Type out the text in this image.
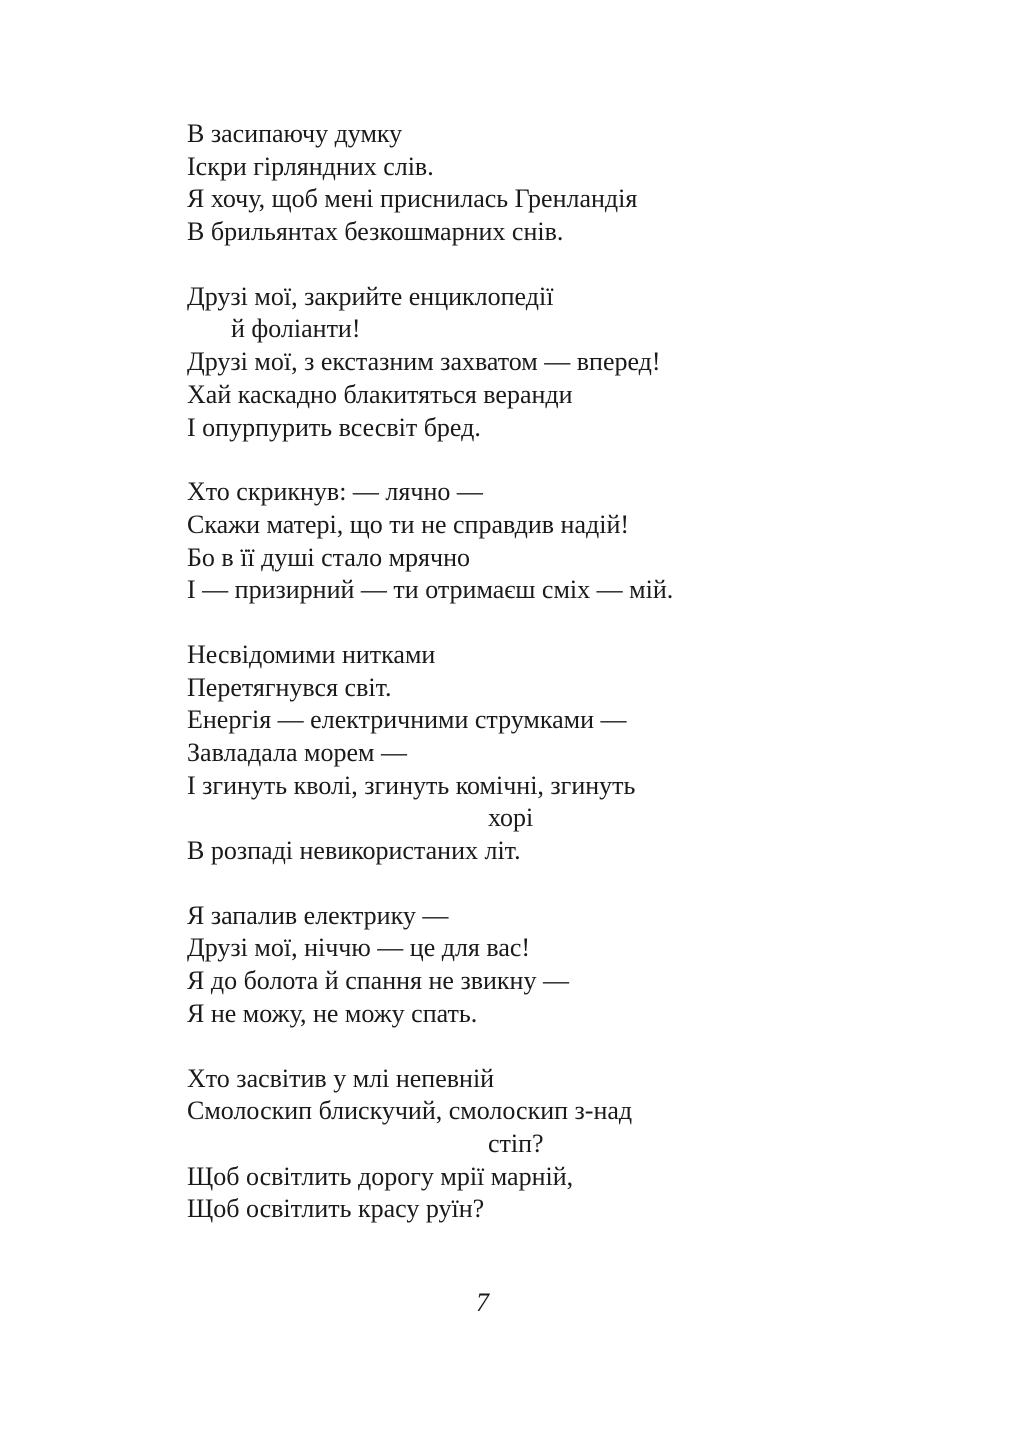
В засипаючу думку
Іскри гірляндних слів.
Я хочу, щоб мені приснилась Гренландія
В брильянтах безкошмарних снів.
Друзі мої, закрийте енциклопедії
й фоліанти!
Друзі мої, з екстазним захватом — вперед!
Хай каскадно блакитяться веранди
І опурпурить всесвіт бред.
Хто скрикнув: — лячно —
Скажи матері, що ти не справдив надій!
Бо в її душі стало мрячно
І — призирний — ти отримаєш сміх — мій.
Несвідомими нитками
Перетягнувся світ.
Енергія — електричними струмками —
Завладала морем —
І згинуть кволі, згинуть комічні, згинуть
хорі
В розпаді невикористаних літ.
Я запалив електрику —
Друзі мої, ніччю — це для вас!
Я до болота й спання не звикну —
Я не можу, не можу спать.
Хто засвітив у млі непевній
Смолоскип блискучий, смолоскип з-над
стіп?
Щоб освітлить дорогу мрії марній,
Щоб освітлить красу руїн?
7
